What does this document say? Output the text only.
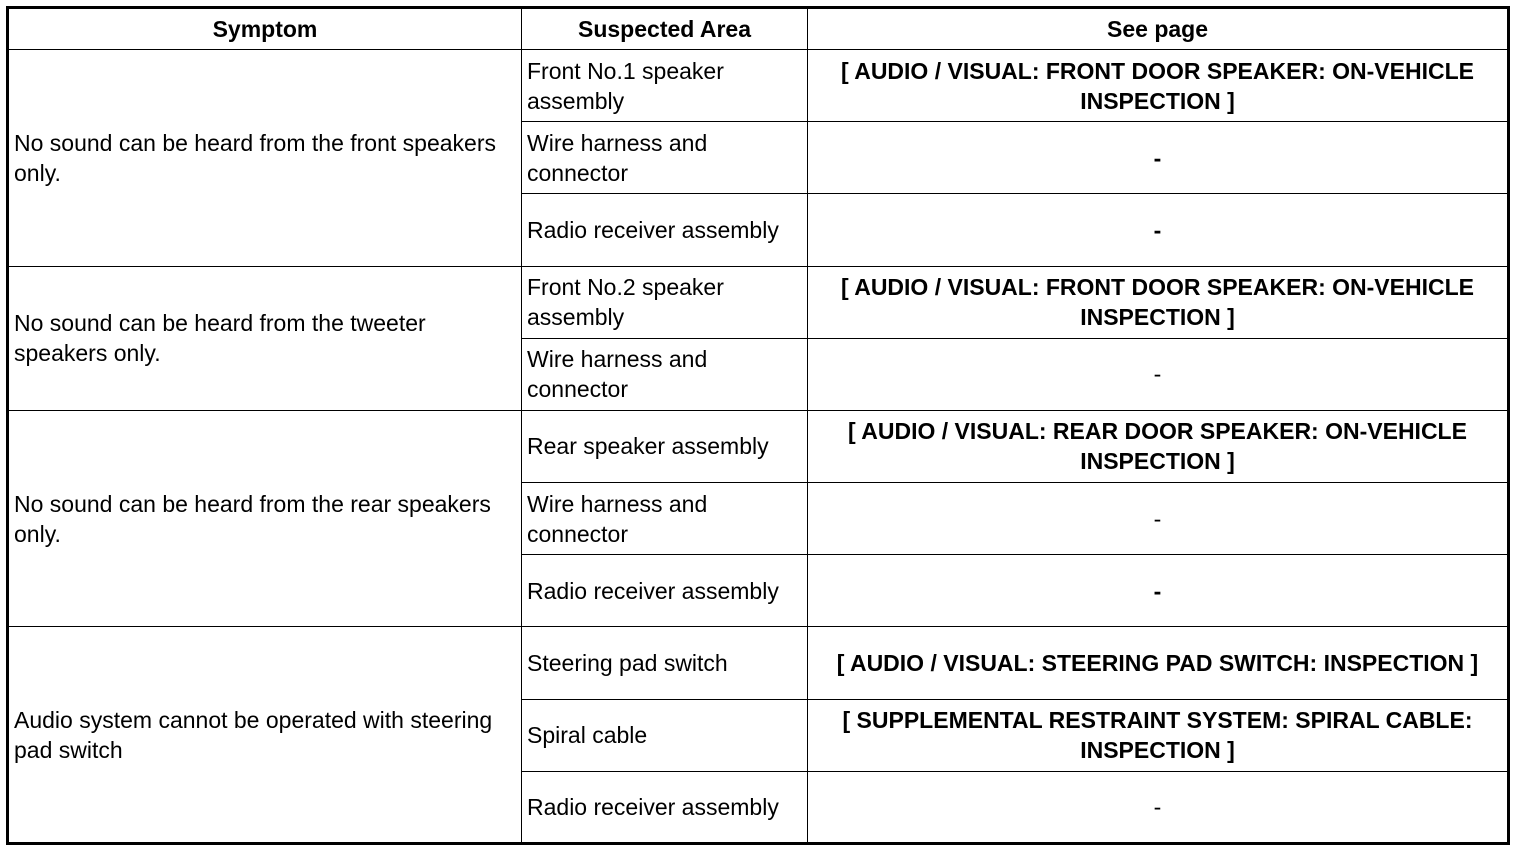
Symptom	Suspected Area	See page
No sound can be heard from the front speakers only.	Front No.1 speaker assembly	[ AUDIO / VISUAL: FRONT DOOR SPEAKER: ON-VEHICLE INSPECTION ]
	Wire harness and connector	-
	Radio receiver assembly	-
No sound can be heard from the tweeter speakers only.	Front No.2 speaker assembly	[ AUDIO / VISUAL: FRONT DOOR SPEAKER: ON-VEHICLE INSPECTION ]
	Wire harness and connector	-
No sound can be heard from the rear speakers only.	Rear speaker assembly	[ AUDIO / VISUAL: REAR DOOR SPEAKER: ON-VEHICLE INSPECTION ]
	Wire harness and connector	-
	Radio receiver assembly	-
Audio system cannot be operated with steering pad switch	Steering pad switch	[ AUDIO / VISUAL: STEERING PAD SWITCH: INSPECTION ]
	Spiral cable	[ SUPPLEMENTAL RESTRAINT SYSTEM: SPIRAL CABLE: INSPECTION ]
	Radio receiver assembly	-
